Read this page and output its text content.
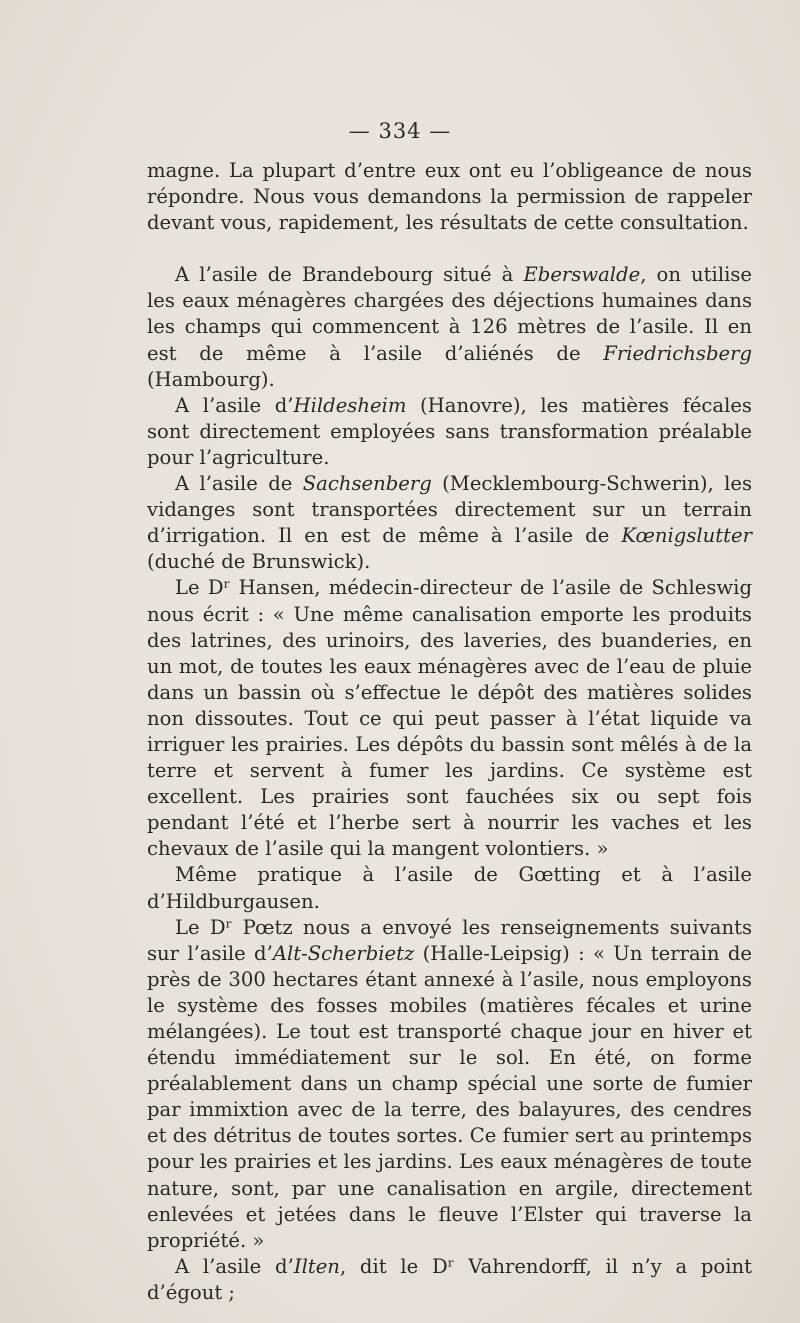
— 334 —

magne. La plupart d’entre eux ont eu l’obligeance de nous répondre. Nous vous demandons la permission de rappeler devant vous, rapidement, les résultats de cette consultation.

A l’asile de Brandebourg situé à Eberswalde, on utilise les eaux ménagères chargées des déjections humaines dans les champs qui commencent à 126 mètres de l’asile. Il en est de même à l’asile d’aliénés de Friedrichsberg (Hambourg).

A l’asile d’Hildesheim (Hanovre), les matières fécales sont directement employées sans transformation préalable pour l’agriculture.

A l’asile de Sachsenberg (Mecklembourg-Schwerin), les vidanges sont transportées directement sur un terrain d’irrigation. Il en est de même à l’asile de Kœnigslutter (duché de Brunswick).

Le Dʳ Hansen, médecin-directeur de l’asile de Schleswig nous écrit : « Une même canalisation emporte les produits des latrines, des urinoirs, des laveries, des buanderies, en un mot, de toutes les eaux ménagères avec de l’eau de pluie dans un bassin où s’effectue le dépôt des matières solides non dissoutes. Tout ce qui peut passer à l’état liquide va irriguer les prairies. Les dépôts du bassin sont mêlés à de la terre et servent à fumer les jardins. Ce système est excellent. Les prairies sont fauchées six ou sept fois pendant l’été et l’herbe sert à nourrir les vaches et les chevaux de l’asile qui la mangent volontiers. »

Même pratique à l’asile de Gœtting et à l’asile d’Hildburgausen.

Le Dʳ Pœtz nous a envoyé les renseignements suivants sur l’asile d’Alt-Scherbietz (Halle-Leipsig) : « Un terrain de près de 300 hectares étant annexé à l’asile, nous employons le système des fosses mobiles (matières fécales et urine mélangées). Le tout est transporté chaque jour en hiver et étendu immédiatement sur le sol. En été, on forme préalablement dans un champ spécial une sorte de fumier par immixtion avec de la terre, des balayures, des cendres et des détritus de toutes sortes. Ce fumier sert au printemps pour les prairies et les jardins. Les eaux ménagères de toute nature, sont, par une canalisation en argile, directement enlevées et jetées dans le fleuve l’Elster qui traverse la propriété. »

A l’asile d’Ilten, dit le Dʳ Vahrendorff, il n’y a point d’égout ;
